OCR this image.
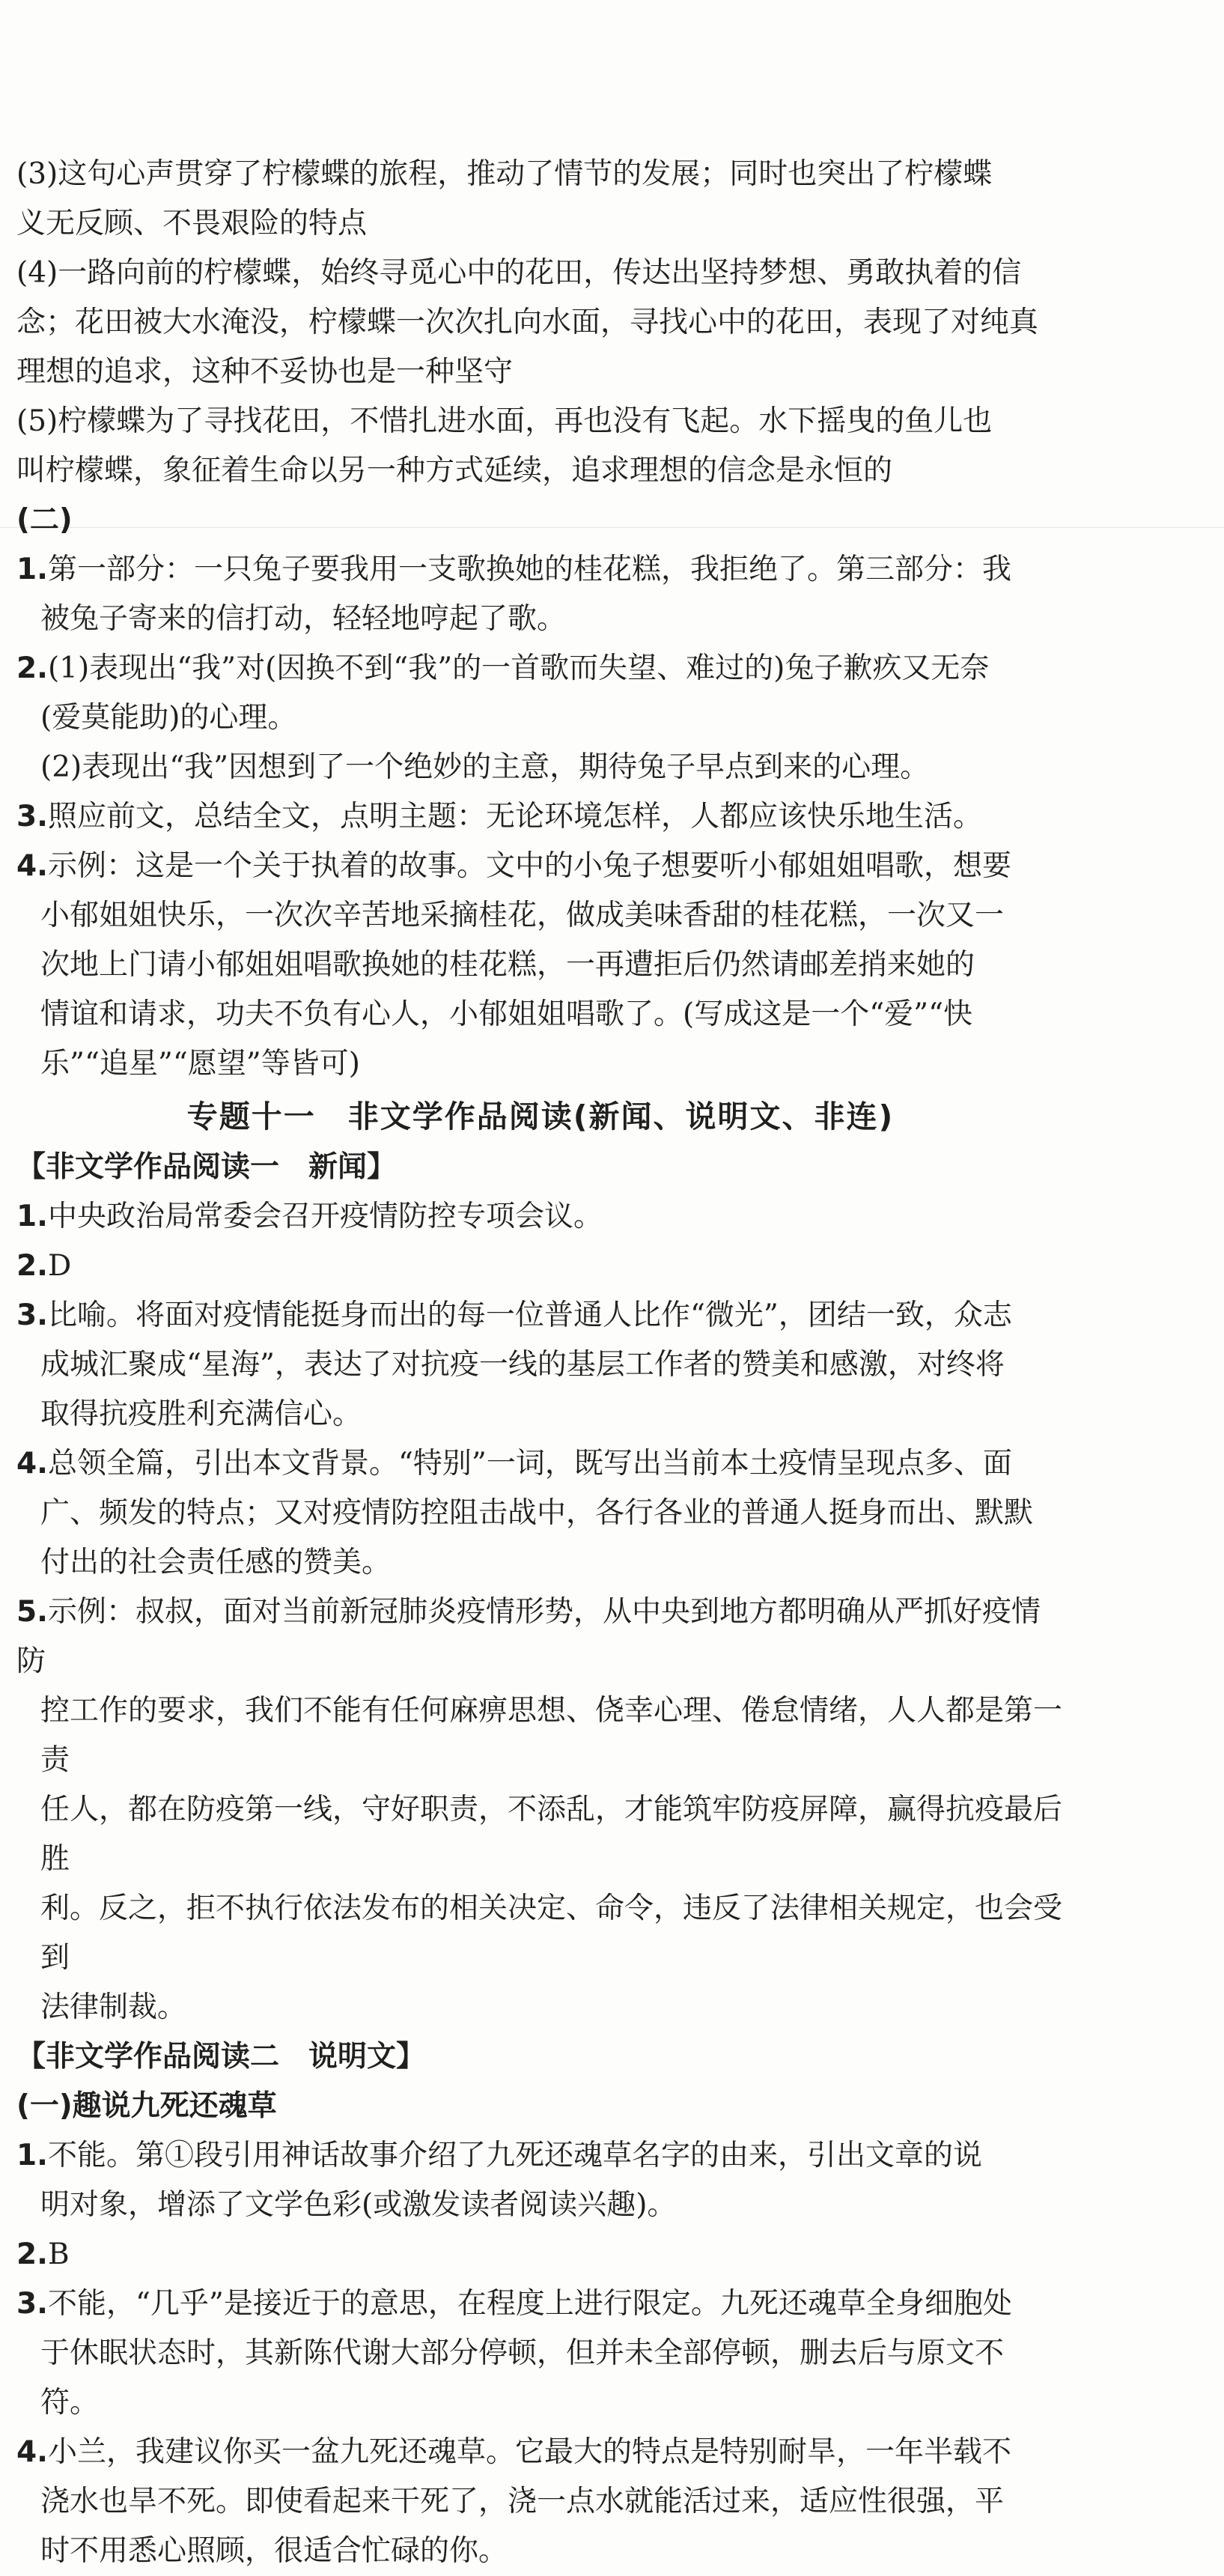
(3)这句心声贯穿了柠檬蝶的旅程，推动了情节的发展；同时也突出了柠檬蝶
义无反顾、不畏艰险的特点
(4)一路向前的柠檬蝶，始终寻觅心中的花田，传达出坚持梦想、勇敢执着的信
念；花田被大水淹没，柠檬蝶一次次扎向水面，寻找心中的花田，表现了对纯真
理想的追求，这种不妥协也是一种坚守
(5)柠檬蝶为了寻找花田，不惜扎进水面，再也没有飞起。水下摇曳的鱼儿也
叫柠檬蝶，象征着生命以另一种方式延续，追求理想的信念是永恒的
(二)
1.第一部分：一只兔子要我用一支歌换她的桂花糕，我拒绝了。第三部分：我
被兔子寄来的信打动，轻轻地哼起了歌。
2.(1)表现出“我”对(因换不到“我”的一首歌而失望、难过的)兔子歉疚又无奈
(爱莫能助)的心理。
(2)表现出“我”因想到了一个绝妙的主意，期待兔子早点到来的心理。
3.照应前文，总结全文，点明主题：无论环境怎样，人都应该快乐地生活。
4.示例：这是一个关于执着的故事。文中的小兔子想要听小郁姐姐唱歌，想要
小郁姐姐快乐，一次次辛苦地采摘桂花，做成美味香甜的桂花糕，一次又一
次地上门请小郁姐姐唱歌换她的桂花糕，一再遭拒后仍然请邮差捎来她的
情谊和请求，功夫不负有心人，小郁姐姐唱歌了。(写成这是一个“爱”“快
乐”“追星”“愿望”等皆可)
专题十一　非文学作品阅读(新闻、说明文、非连)
【非文学作品阅读一　新闻】
1.中央政治局常委会召开疫情防控专项会议。
2.D
3.比喻。将面对疫情能挺身而出的每一位普通人比作“微光”，团结一致，众志
成城汇聚成“星海”，表达了对抗疫一线的基层工作者的赞美和感激，对终将
取得抗疫胜利充满信心。
4.总领全篇，引出本文背景。“特别”一词，既写出当前本土疫情呈现点多、面
广、频发的特点；又对疫情防控阻击战中，各行各业的普通人挺身而出、默默
付出的社会责任感的赞美。
5.示例：叔叔，面对当前新冠肺炎疫情形势，从中央到地方都明确从严抓好疫情防
控工作的要求，我们不能有任何麻痹思想、侥幸心理、倦怠情绪，人人都是第一责
任人，都在防疫第一线，守好职责，不添乱，才能筑牢防疫屏障，赢得抗疫最后胜
利。反之，拒不执行依法发布的相关决定、命令，违反了法律相关规定，也会受到
法律制裁。
【非文学作品阅读二　说明文】
(一)趣说九死还魂草
1.不能。第①段引用神话故事介绍了九死还魂草名字的由来，引出文章的说
明对象，增添了文学色彩(或激发读者阅读兴趣)。
2.B
3.不能，“几乎”是接近于的意思，在程度上进行限定。九死还魂草全身细胞处
于休眠状态时，其新陈代谢大部分停顿，但并未全部停顿，删去后与原文不
符。
4.小兰，我建议你买一盆九死还魂草。它最大的特点是特别耐旱，一年半载不
浇水也旱不死。即使看起来干死了，浇一点水就能活过来，适应性很强，平
时不用悉心照顾，很适合忙碌的你。
